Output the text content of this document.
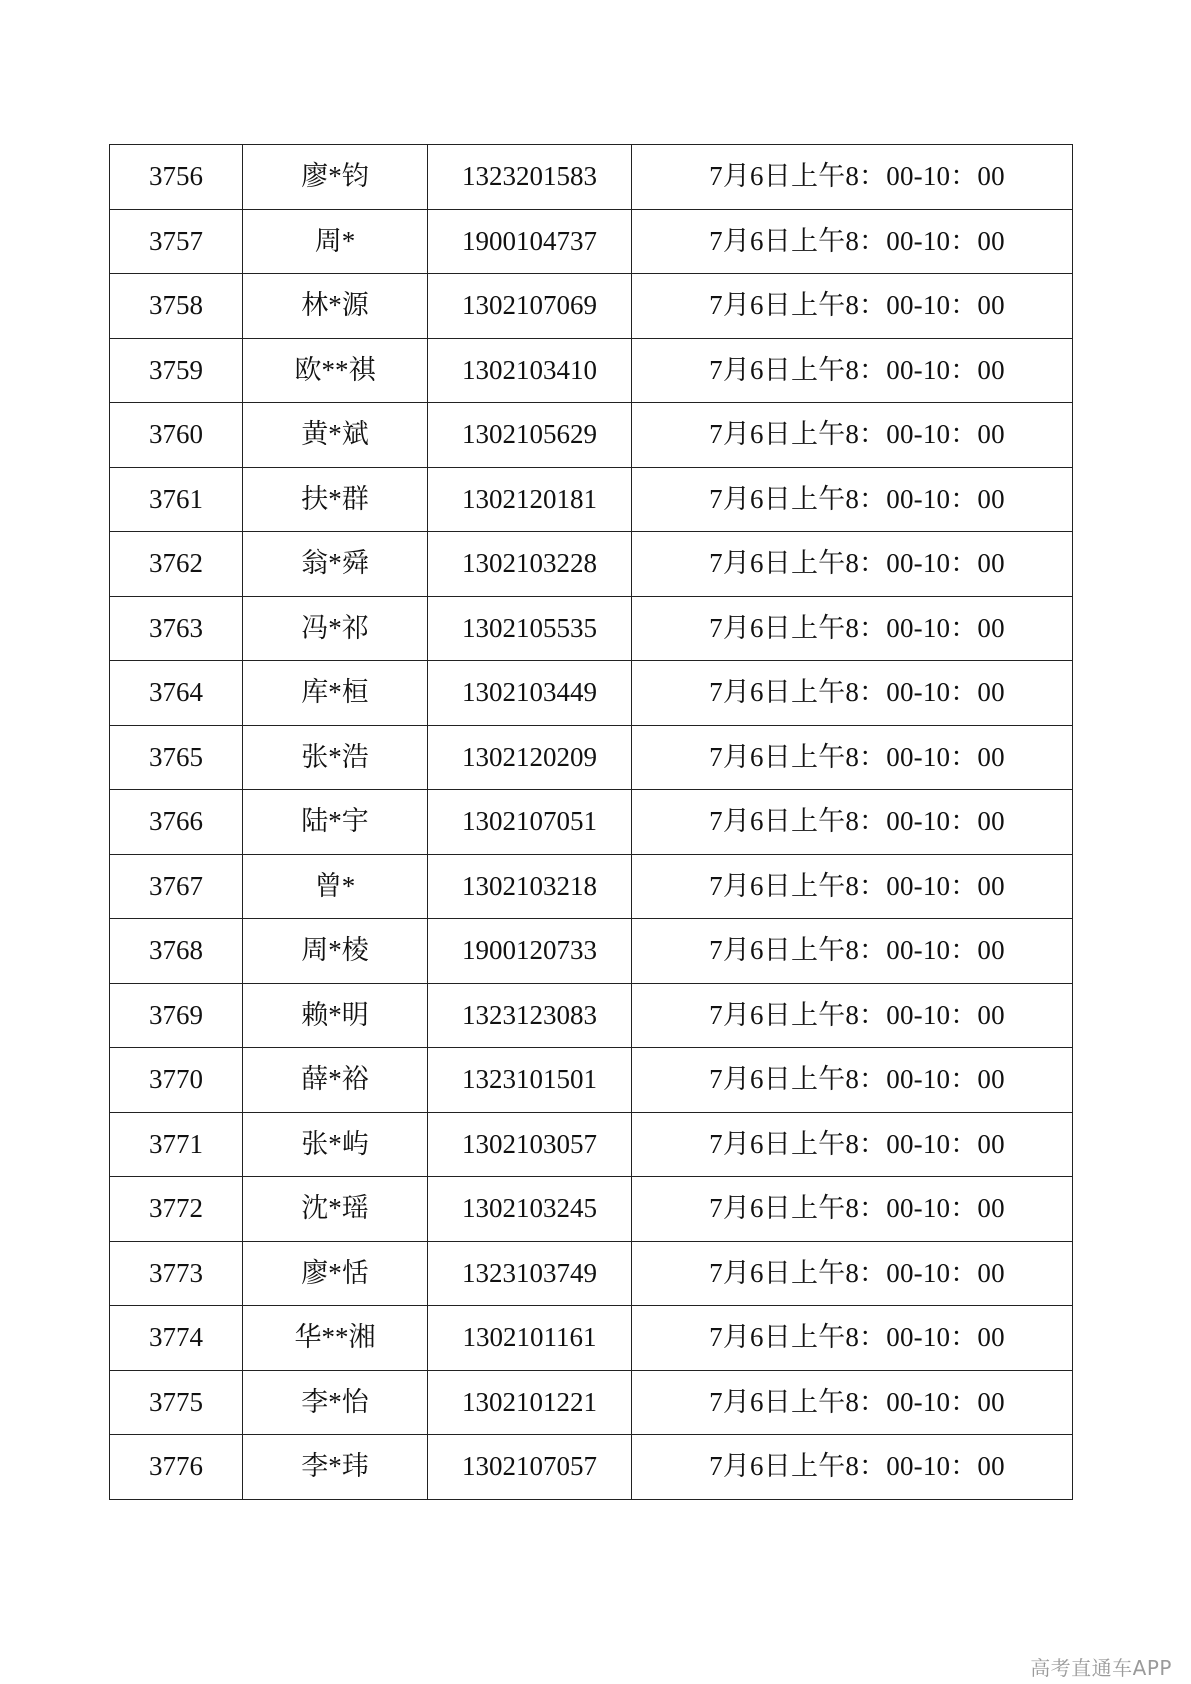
3756	廖*钧	1323201583	7月6日上午8：00-10：00
3757	周*	1900104737	7月6日上午8：00-10：00
3758	林*源	1302107069	7月6日上午8：00-10：00
3759	欧**祺	1302103410	7月6日上午8：00-10：00
3760	黄*斌	1302105629	7月6日上午8：00-10：00
3761	扶*群	1302120181	7月6日上午8：00-10：00
3762	翁*舜	1302103228	7月6日上午8：00-10：00
3763	冯*祁	1302105535	7月6日上午8：00-10：00
3764	库*桓	1302103449	7月6日上午8：00-10：00
3765	张*浩	1302120209	7月6日上午8：00-10：00
3766	陆*宇	1302107051	7月6日上午8：00-10：00
3767	曾*	1302103218	7月6日上午8：00-10：00
3768	周*棱	1900120733	7月6日上午8：00-10：00
3769	赖*明	1323123083	7月6日上午8：00-10：00
3770	薛*裕	1323101501	7月6日上午8：00-10：00
3771	张*屿	1302103057	7月6日上午8：00-10：00
3772	沈*瑶	1302103245	7月6日上午8：00-10：00
3773	廖*恬	1323103749	7月6日上午8：00-10：00
3774	华**湘	1302101161	7月6日上午8：00-10：00
3775	李*怡	1302101221	7月6日上午8：00-10：00
3776	李*玮	1302107057	7月6日上午8：00-10：00
高考直通车APP
